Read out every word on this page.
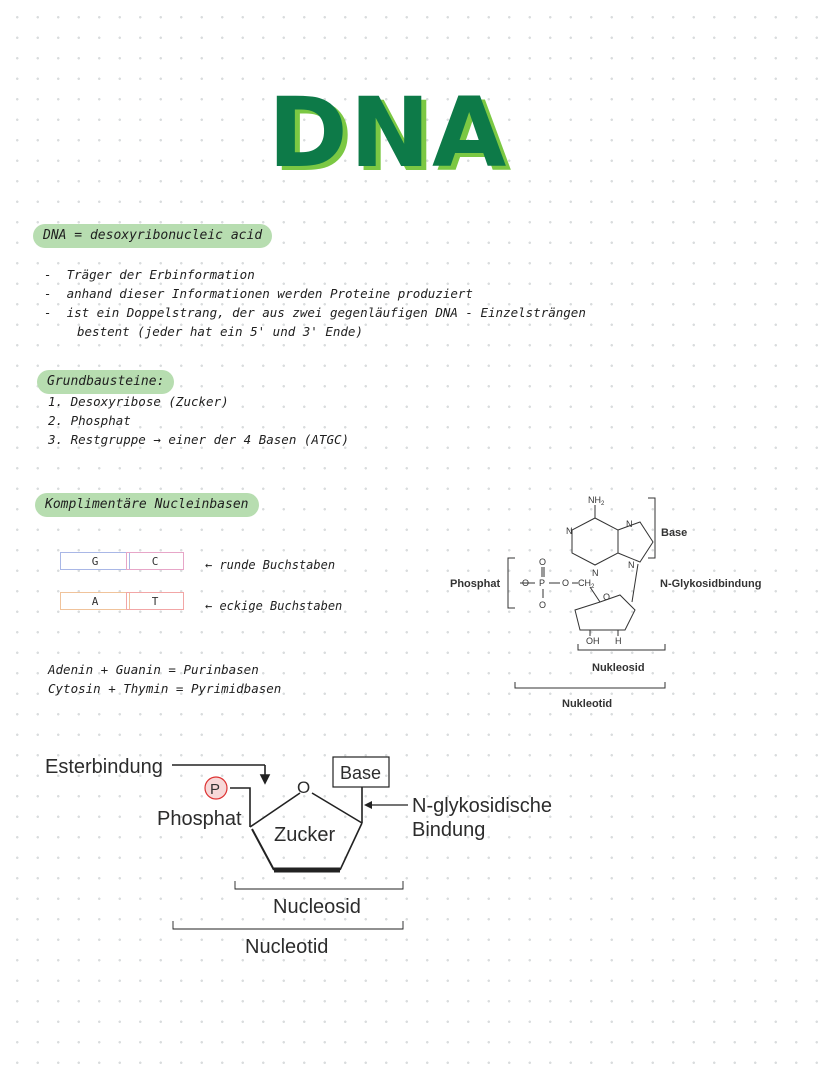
DNA
DNA = desoxyribonucleic acid
-  Träger der Erbinformation
-  anhand dieser Informationen werden Proteine produziert
-  ist ein Doppelstrang, der aus zwei gegenläufigen DNA - Einzelsträngen
bestent (jeder hat ein 5' und 3' Ende)
Grundbausteine:
1. Desoxyribose (Zucker)
2. Phosphat
3. Restgruppe → einer der 4 Basen (ATGC)
Komplimentäre Nucleinbasen
G	C	← runde Buchstaben
A	T	← eckige Buchstaben
Adenin + Guanin = Purinbasen
Cytosin + Thymin = Pyrimidbasen
$NH_2$
N
N
N
N
O P
O
O
O $CH_2$
O
OH H
Base
Phosphat	N-Glykosidbindung
Nukleosid
Nukleotid
Esterbindung
P	O
Base
Phosphat
Zucker
N-glykosidische
Bindung
Nucleosid
Nucleotid
